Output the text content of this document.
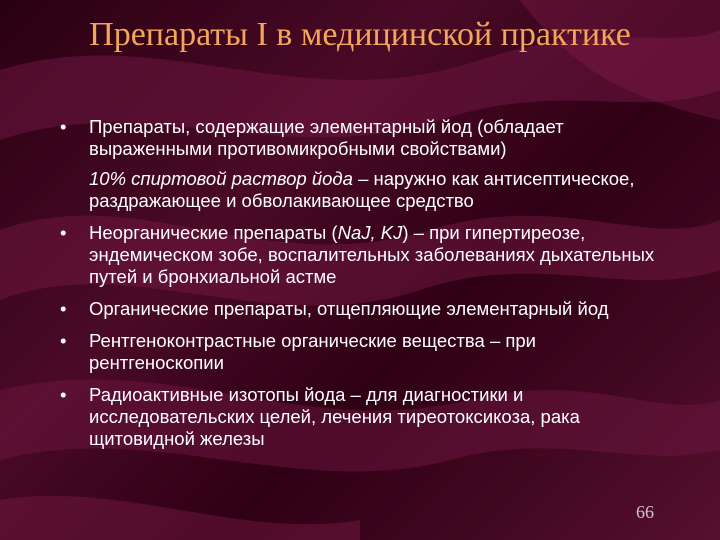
Препараты I в медицинской практике
•	Препараты, содержащие элементарный йод (обладает выраженными противомикробными свойствами)
10% спиртовой раствор йода – наружно как антисептическое, раздражающее и обволакивающее средство
•	Неорганические препараты (NaJ, KJ) – при гипертиреозе, эндемическом зобе, воспалительных заболеваниях дыхательных путей и бронхиальной астме
•	Органические препараты, отщепляющие элементарный йод
•	Рентгеноконтрастные органические вещества – при рентгеноскопии
•	Радиоактивные изотопы йода – для диагностики и исследовательских целей, лечения тиреотоксикоза, рака щитовидной железы
66
